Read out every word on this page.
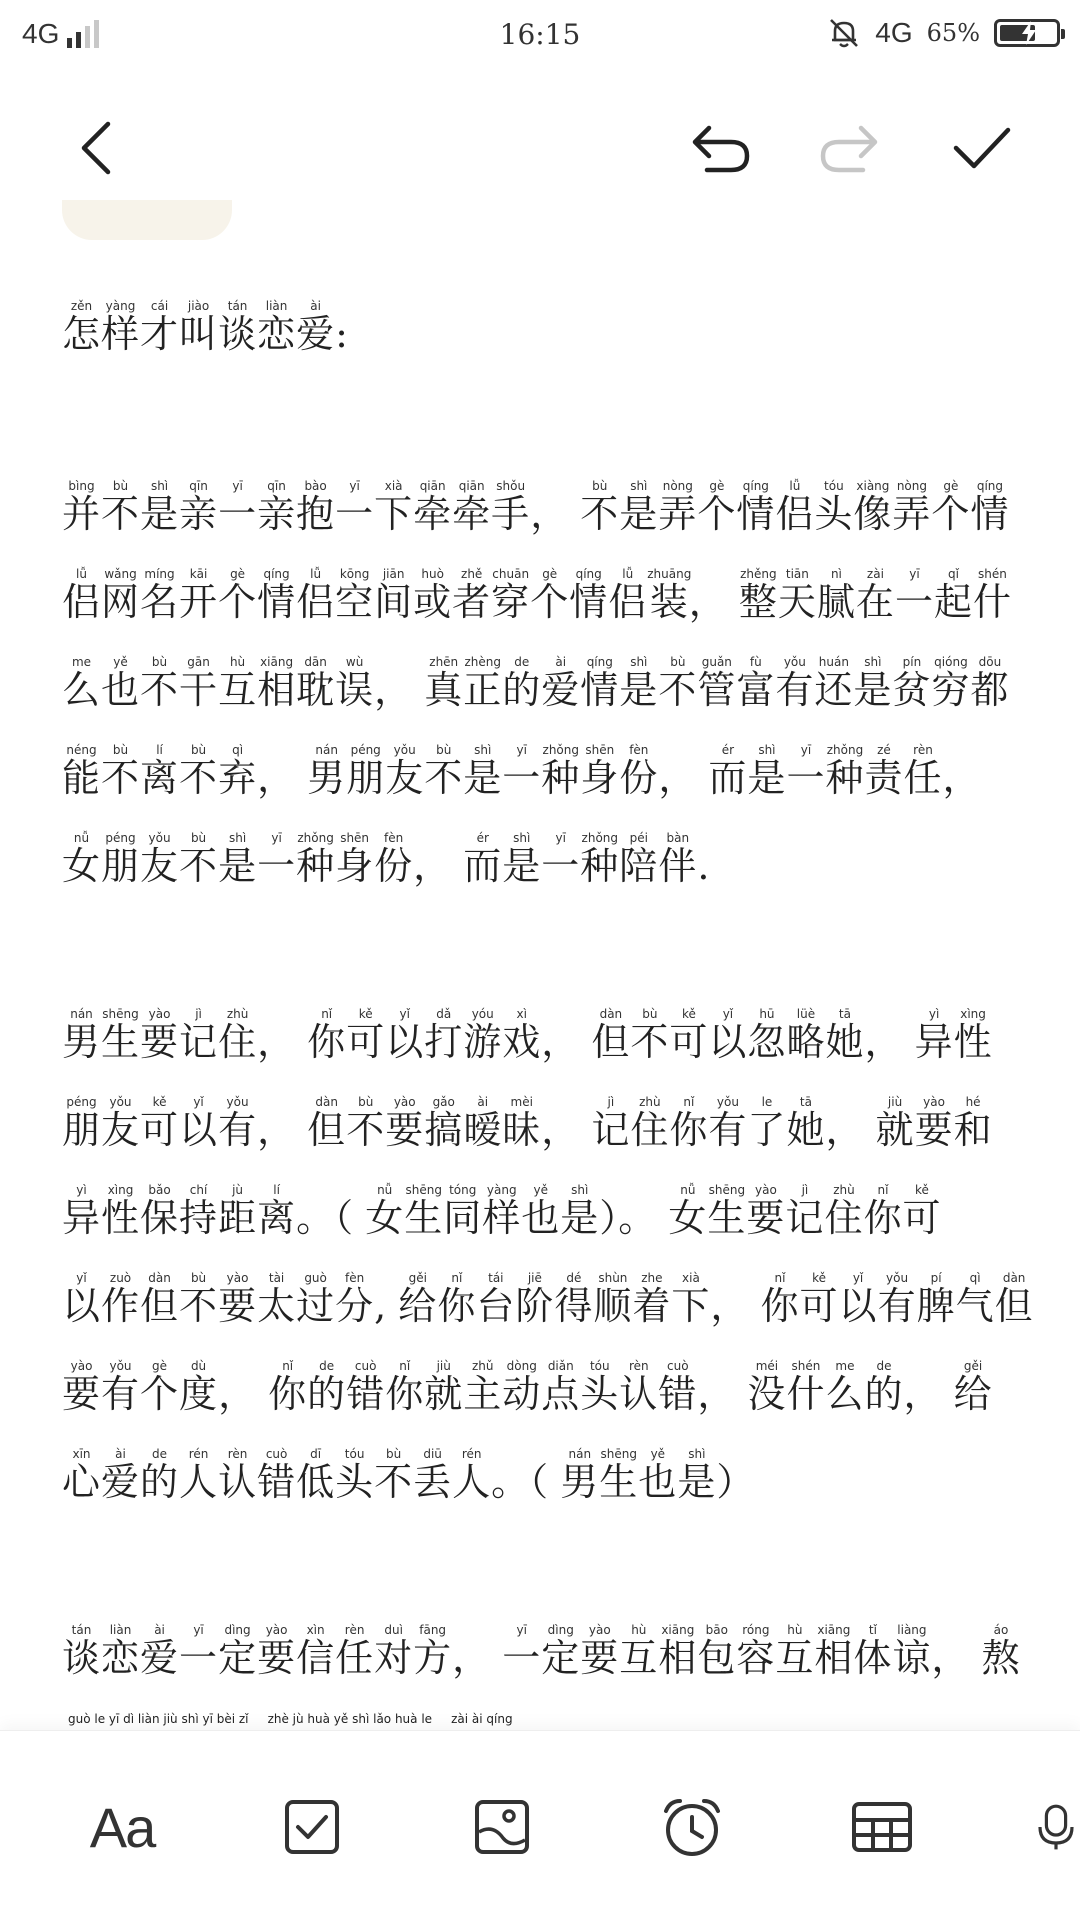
4G	16:15	4G 65%
怎zěn样yàng才cái叫jiào谈tán恋liàn爱ài:
并bìng不bù是shì亲qīn一yī亲qīn抱bào一yī下xià牵qiān牵qiān手shǒu， 不bù是shì弄nòng个gè情qíng侣lǚ头tóu像xiàng弄nòng个gè情qíng
侣lǚ网wǎng名míng开kāi个gè情qíng侣lǚ空kōng间jiān或huò者zhě穿chuān个gè情qíng侣lǚ装zhuāng， 整zhěng天tiān腻nì在zài一yī起qǐ什shén
么me也yě不bù干gān互hù相xiāng耽dān误wù， 真zhēn正zhèng的de爱ài情qíng是shì不bù管guǎn富fù有yǒu还huán是shì贫pín穷qióng都dōu
能néng不bù离lí不bù弃qì， 男nán朋péng友yǒu不bù是shì一yī种zhǒng身shēn份fèn， 而ér是shì一yī种zhǒng责zé任rèn，
女nǚ朋péng友yǒu不bù是shì一yī种zhǒng身shēn份fèn， 而ér是shì一yī种zhǒng陪péi伴bàn.
男nán生shēng要yào记jì住zhù， 你nǐ可kě以yǐ打dǎ游yóu戏xì， 但dàn不bù可kě以yǐ忽hū略lüè她tā， 异yì性xìng
朋péng友yǒu可kě以yǐ有yǒu， 但dàn不bù要yào搞gǎo暧ài昧mèi， 记jì住zhù你nǐ有yǒu了le她tā， 就jiù要yào和hé
异yì性xìng保bǎo持chí距jù离lí。（ 女nǚ生shēng同tóng样yàng也yě是shì）。 女nǚ生shēng要yào记jì住zhù你nǐ可kě
以yǐ作zuò但dàn不bù要yào太tài过guò分fèn, 给gěi你nǐ台tái阶jiē得dé顺shùn着zhe下xià， 你nǐ可kě以yǐ有yǒu脾pí气qì但dàn
要yào有yǒu个gè度dù， 你nǐ的de错cuò你nǐ就jiù主zhǔ动dòng点diǎn头tóu认rèn错cuò， 没méi什shén么me的de， 给gěi
心xīn爱ài的de人rén认rèn错cuò低dī头tóu不bù丢diū人rén。（ 男nán生shēng也yě是shì）
谈tán恋liàn爱ài一yī定dìng要yào信xìn任rèn对duì方fāng， 一yī定dìng要yào互hù相xiāng包bāo容róng互hù相xiāng体tǐ谅liàng， 熬áo
guò le yī dì liàn jiù shì yī bèi zǐ     zhè jù huà yě shì lǎo huà le     zài ài qíng
Aa
